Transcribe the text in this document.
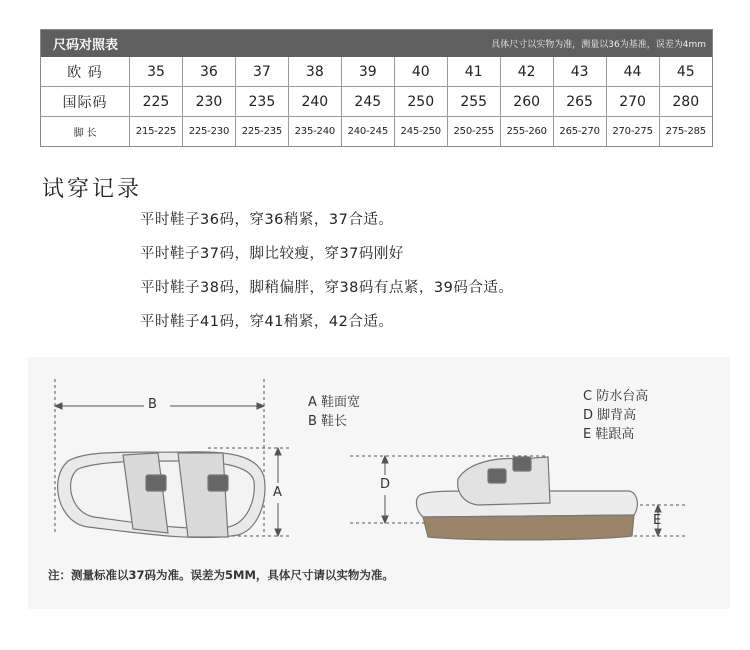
尺码对照表	具体尺寸以实物为准，测量以36为基准，误差为4mm
欧 码	35	36	37	38	39	40	41	42	43	44	45
国际码	225	230	235	240	245	250	255	260	265	270	280
脚 长	215-225	225-230	225-235	235-240	240-245	245-250	250-255	255-260	265-270	270-275	275-285
试穿记录
平时鞋子36码，穿36稍紧，37合适。
平时鞋子37码，脚比较瘦，穿37码刚好
平时鞋子38码，脚稍偏胖，穿38码有点紧，39码合适。
平时鞋子41码，穿41稍紧，42合适。
B
A
D
E
A 鞋面宽
B 鞋长
C 防水台高
D 脚背高
E 鞋跟高
注：测量标准以37码为准。误差为5MM，具体尺寸请以实物为准。
